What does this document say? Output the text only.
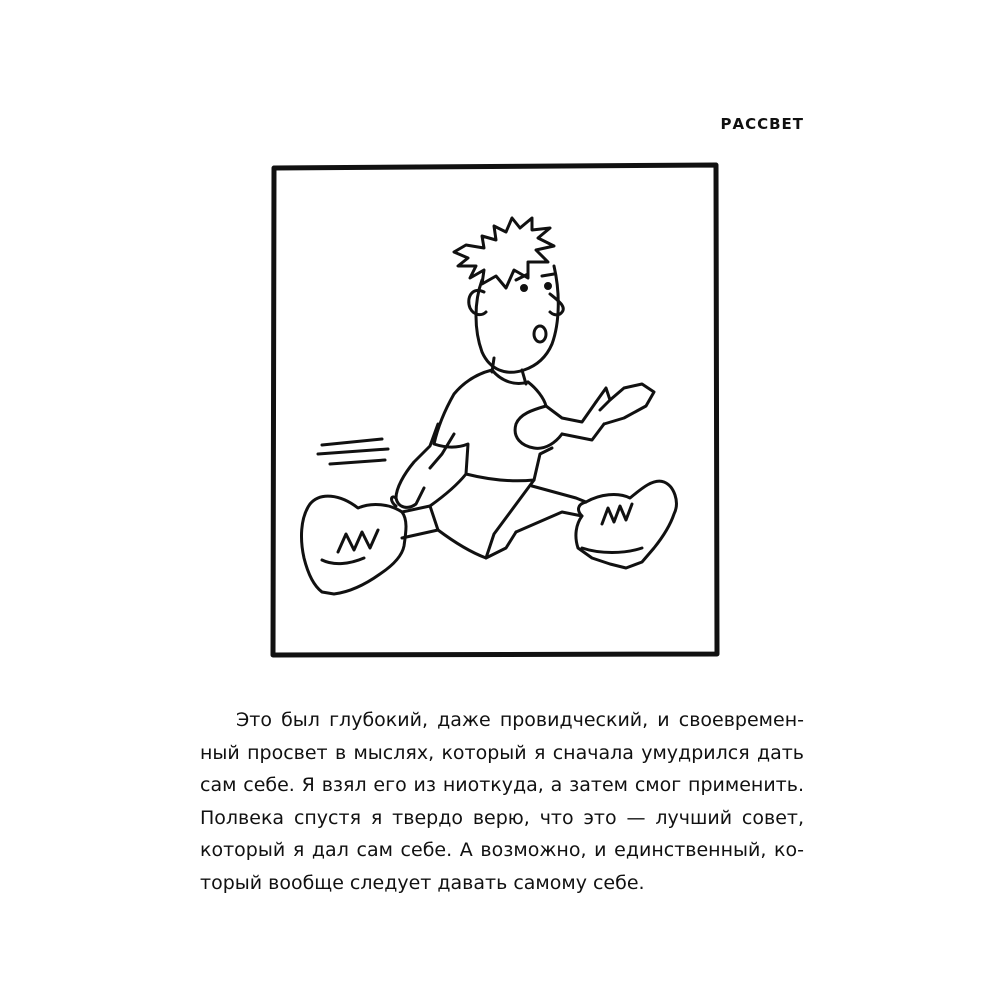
РАССВЕТ
Это был глубокий, даже провидческий, и своевремен-
ный просвет в мыслях, который я сначала умудрился дать
сам себе. Я взял его из ниоткуда, а затем смог применить.
Полвека спустя я твердо верю, что это — лучший совет,
который я дал сам себе. А возможно, и единственный, ко-
торый вообще следует давать самому себе.
